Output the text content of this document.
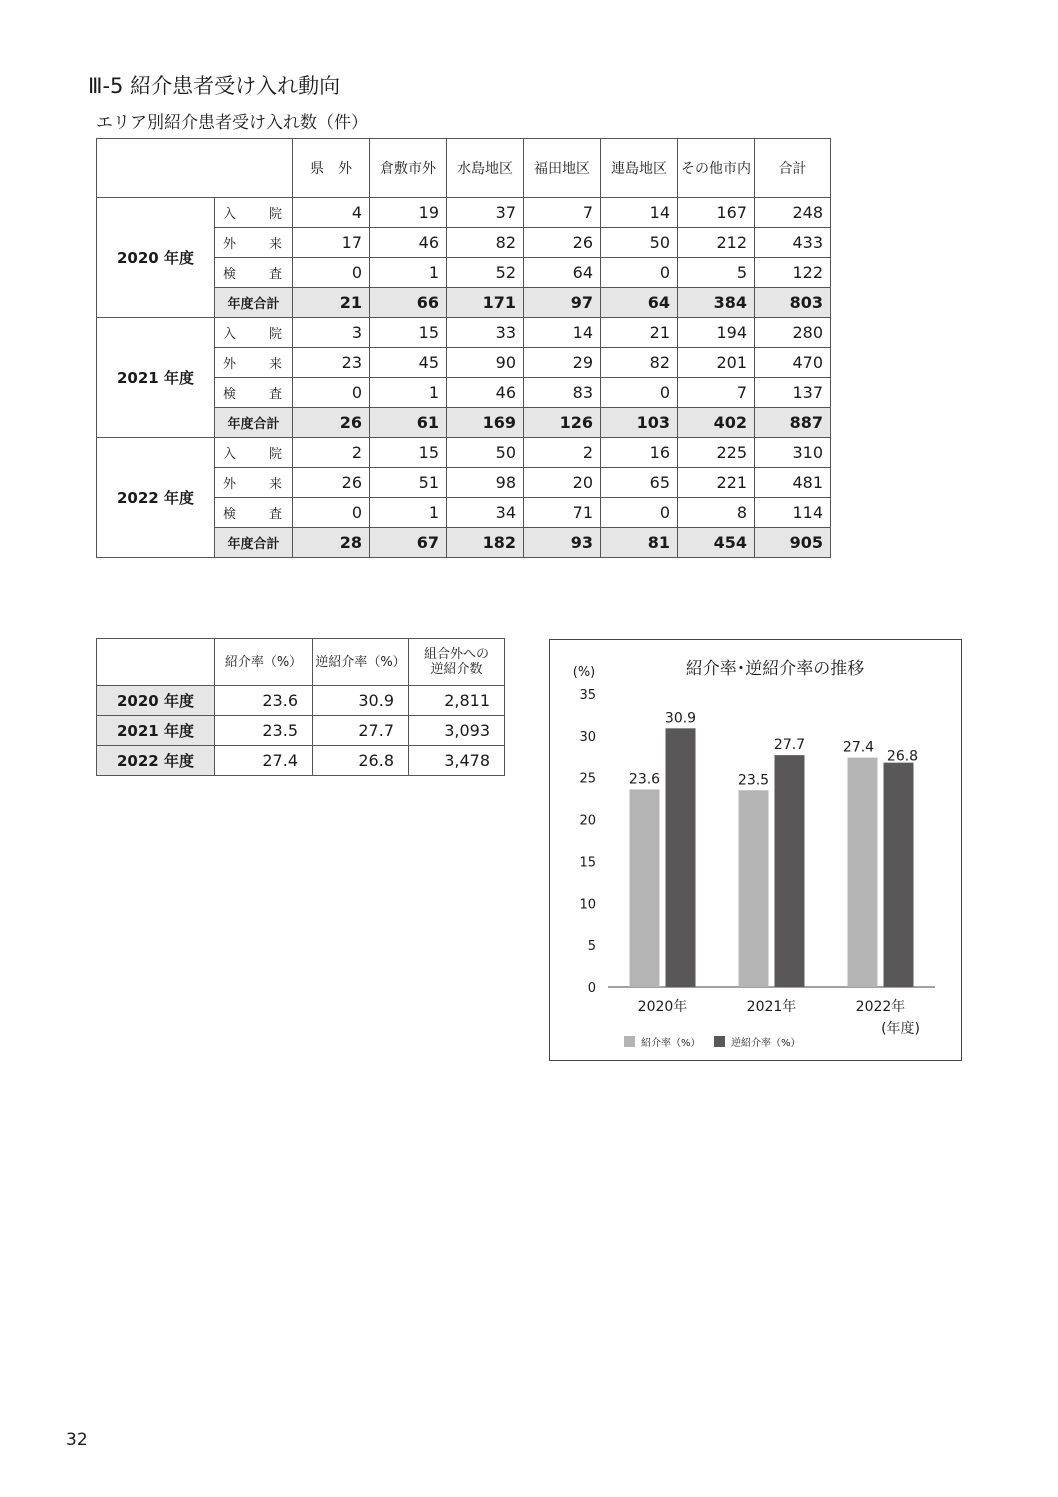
Ⅲ-5 紹介患者受け入れ動向
エリア別紹介患者受け入れ数（件）
		県　外	倉敷市外	水島地区	福田地区	連島地区	その他市内	合計
2020 年度	入　院	4	19	37	7	14	167	248
	外　来	17	46	82	26	50	212	433
	検　査	0	1	52	64	0	5	122
	年度合計	21	66	171	97	64	384	803
2021 年度	入　院	3	15	33	14	21	194	280
	外　来	23	45	90	29	82	201	470
	検　査	0	1	46	83	0	7	137
	年度合計	26	61	169	126	103	402	887
2022 年度	入　院	2	15	50	2	16	225	310
	外　来	26	51	98	20	65	221	481
	検　査	0	1	34	71	0	8	114
	年度合計	28	67	182	93	81	454	905
	紹介率（%）	逆紹介率（%）	組合外への
逆紹介数
2020 年度	23.6	30.9	2,811
2021 年度	23.5	27.7	3,093
2022 年度	27.4	26.8	3,478
紹介率･逆紹介率の推移
(%)
0
5
10
15
20
25
30
35
2020年
23.6
30.9
2021年
23.5
27.7
2022年
27.4
26.8
(年度)
紹介率（%）	逆紹介率（%）
32
